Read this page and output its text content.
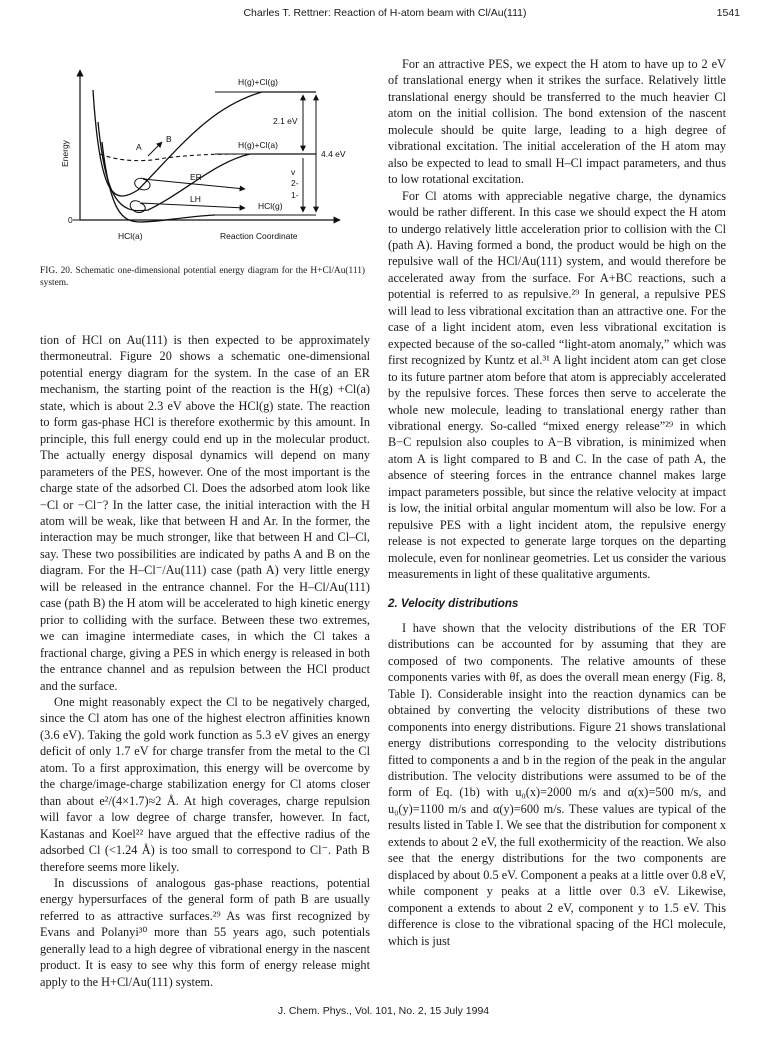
Charles T. Rettner: Reaction of H-atom beam with Cl/Au(111)	1541
Energy
0
Reaction Coordinate
HCl(a)
H(g)+Cl(g)
2.1 eV
H(g)+Cl(a)
4.4 eV
ER
LH
HCl(g)
A
B
v
2-
1-
FIG. 20. Schematic one-dimensional potential energy diagram for the H+Cl/Au(111) system.

tion of HCl on Au(111) is then expected to be approximately thermoneutral. Figure 20 shows a schematic one-dimensional potential energy diagram for the system. In the case of an ER mechanism, the starting point of the reaction is the H(g) +Cl(a) state, which is about 2.3 eV above the HCl(g) state. The reaction to form gas-phase HCl is therefore exothermic by this amount. In principle, this full energy could end up in the molecular product. The actually energy disposal dynamics will depend on many parameters of the PES, however. One of the most important is the charge state of the adsorbed Cl. Does the adsorbed atom look like −Cl or −Cl⁻? In the latter case, the initial interaction with the H atom will be weak, like that between H and Ar. In the former, the interaction may be much stronger, like that between H and Cl–Cl, say. These two possibilities are indicated by paths A and B on the diagram. For the H–Cl⁻/Au(111) case (path A) very little energy will be released in the entrance channel. For the H–Cl/Au(111) case (path B) the H atom will be accelerated to high kinetic energy prior to colliding with the surface. Between these two extremes, we can imagine intermediate cases, in which the Cl takes a fractional charge, giving a PES in which energy is released in both the entrance channel and as repulsion between the HCl product and the surface.

One might reasonably expect the Cl to be negatively charged, since the Cl atom has one of the highest electron affinities known (3.6 eV). Taking the gold work function as 5.3 eV gives an energy deficit of only 1.7 eV for charge transfer from the metal to the Cl atom. To a first approximation, this energy will be overcome by the charge/image-charge stabilization energy for Cl atoms closer than about e²/(4×1.7)≈2 Å. At high coverages, charge repulsion will favor a low degree of charge transfer, however. In fact, Kastanas and Koel²² have argued that the effective radius of the adsorbed Cl (<1.24 Å) is too small to correspond to Cl⁻. Path B therefore seems more likely.

In discussions of analogous gas-phase reactions, potential energy hypersurfaces of the general form of path B are usually referred to as attractive surfaces.²⁹ As was first recognized by Evans and Polanyi³⁰ more than 55 years ago, such potentials generally lead to a high degree of vibrational energy in the nascent product. It is easy to see why this form of energy release might apply to the H+Cl/Au(111) system.

For an attractive PES, we expect the H atom to have up to 2 eV of translational energy when it strikes the surface. Relatively little translational energy should be transferred to the much heavier Cl atom on the initial collision. The bond extension of the nascent molecule should be quite large, leading to a high degree of vibrational excitation. The initial acceleration of the H atom may also be expected to lead to small H–Cl impact parameters, and thus to low rotational excitation.

For Cl atoms with appreciable negative charge, the dynamics would be rather different. In this case we should expect the H atom to undergo relatively little acceleration prior to collision with the Cl (path A). Having formed a bond, the product would be high on the repulsive wall of the HCl/Au(111) system, and would therefore be accelerated away from the surface. For A+BC reactions, such a potential is referred to as repulsive.²⁹ In general, a repulsive PES will lead to less vibrational excitation than an attractive one. For the case of a light incident atom, even less vibrational excitation is expected because of the so-called “light-atom anomaly,” which was first recognized by Kuntz et al.³¹ A light incident atom can get close to its future partner atom before that atom is appreciably accelerated by the repulsive forces. These forces then serve to accelerate the whole new molecule, leading to translational energy rather than vibrational energy. So-called “mixed energy release”²⁹ in which B−C repulsion also couples to A−B vibration, is minimized when atom A is light compared to B and C. In the case of path A, the absence of steering forces in the entrance channel makes large impact parameters possible, but since the relative velocity at impact is low, the initial orbital angular momentum will also be low. For a repulsive PES with a light incident atom, the repulsive energy release is not expected to generate large torques on the departing molecule, even for nonlinear geometries. Let us consider the various measurements in light of these qualitative arguments.

2. Velocity distributions

I have shown that the velocity distributions of the ER TOF distributions can be accounted for by assuming that they are composed of two components. The relative amounts of these components varies with θf, as does the overall mean energy (Fig. 8, Table I). Considerable insight into the reaction dynamics can be obtained by converting the velocity distributions of these two components into energy distributions. Figure 21 shows translational energy distributions corresponding to the velocity distributions fitted to components a and b in the region of the peak in the angular distribution. The velocity distributions were assumed to be of the form of Eq. (1b) with u₀(x)=2000 m/s and α(x)=500 m/s, and u₀(y)=1100 m/s and α(y)=600 m/s. These values are typical of the results listed in Table I. We see that the distribution for component x extends to about 2 eV, the full exothermicity of the reaction. We also see that the energy distributions for the two components are displaced by about 0.5 eV. Component a peaks at a little over 0.8 eV, while component y peaks at a little over 0.3 eV. Likewise, component a extends to about 2 eV, component y to 1.5 eV. This difference is close to the vibrational spacing of the HCl molecule, which is just

J. Chem. Phys., Vol. 101, No. 2, 15 July 1994
